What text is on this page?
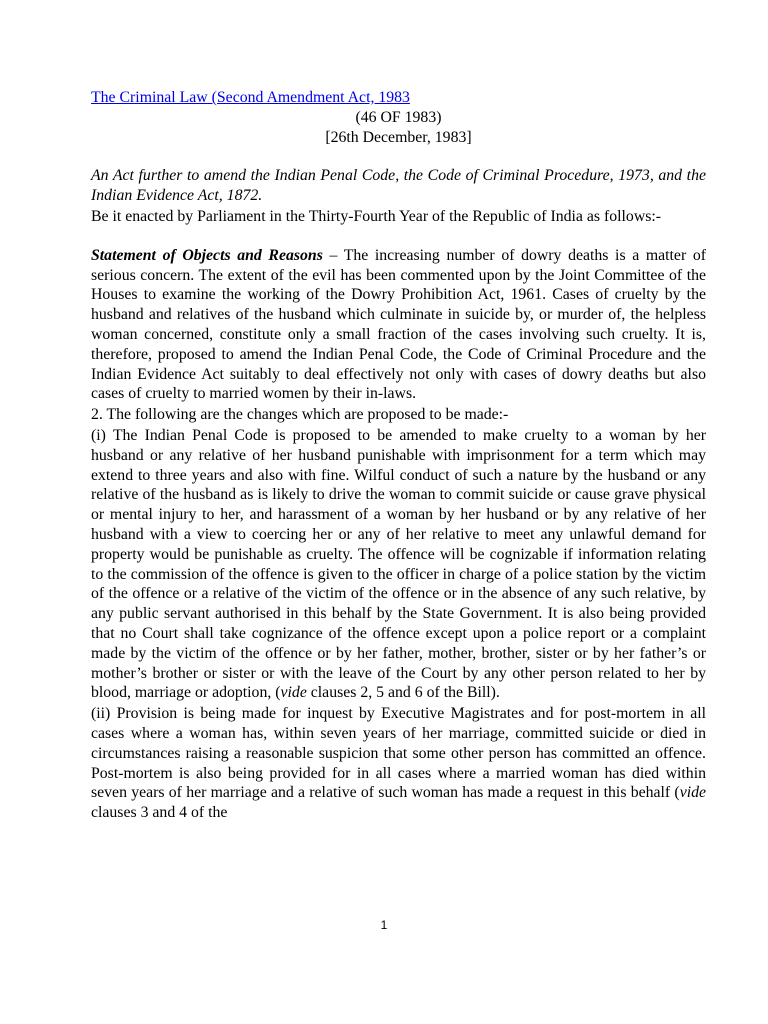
The Criminal Law (Second Amendment Act, 1983
(46 OF 1983)
[26th December, 1983]

An Act further to amend the Indian Penal Code, the Code of Criminal Procedure, 1973, and the Indian Evidence Act, 1872.

Be it enacted by Parliament in the Thirty-Fourth Year of the Republic of India as follows:-

Statement of Objects and Reasons – The increasing number of dowry deaths is a matter of serious concern. The extent of the evil has been commented upon by the Joint Committee of the Houses to examine the working of the Dowry Prohibition Act, 1961. Cases of cruelty by the husband and relatives of the husband which culminate in suicide by, or murder of, the helpless woman concerned, constitute only a small fraction of the cases involving such cruelty. It is, therefore, proposed to amend the Indian Penal Code, the Code of Criminal Procedure and the Indian Evidence Act suitably to deal effectively not only with cases of dowry deaths but also cases of cruelty to married women by their in-laws.

2. The following are the changes which are proposed to be made:-

(i) The Indian Penal Code is proposed to be amended to make cruelty to a woman by her husband or any relative of her husband punishable with imprisonment for a term which may extend to three years and also with fine. Wilful conduct of such a nature by the husband or any relative of the husband as is likely to drive the woman to commit suicide or cause grave physical or mental injury to her, and harassment of a woman by her husband or by any relative of her husband with a view to coercing her or any of her relative to meet any unlawful demand for property would be punishable as cruelty. The offence will be cognizable if information relating to the commission of the offence is given to the officer in charge of a police station by the victim of the offence or a relative of the victim of the offence or in the absence of any such relative, by any public servant authorised in this behalf by the State Government. It is also being provided that no Court shall take cognizance of the offence except upon a police report or a complaint made by the victim of the offence or by her father, mother, brother, sister or by her father’s or mother’s brother or sister or with the leave of the Court by any other person related to her by blood, marriage or adoption, (vide clauses 2, 5 and 6 of the Bill).

(ii) Provision is being made for inquest by Executive Magistrates and for post-mortem in all cases where a woman has, within seven years of her marriage, committed suicide or died in circumstances raising a reasonable suspicion that some other person has committed an offence. Post-mortem is also being provided for in all cases where a married woman has died within seven years of her marriage and a relative of such woman has made a request in this behalf (vide clauses 3 and 4 of the

1
